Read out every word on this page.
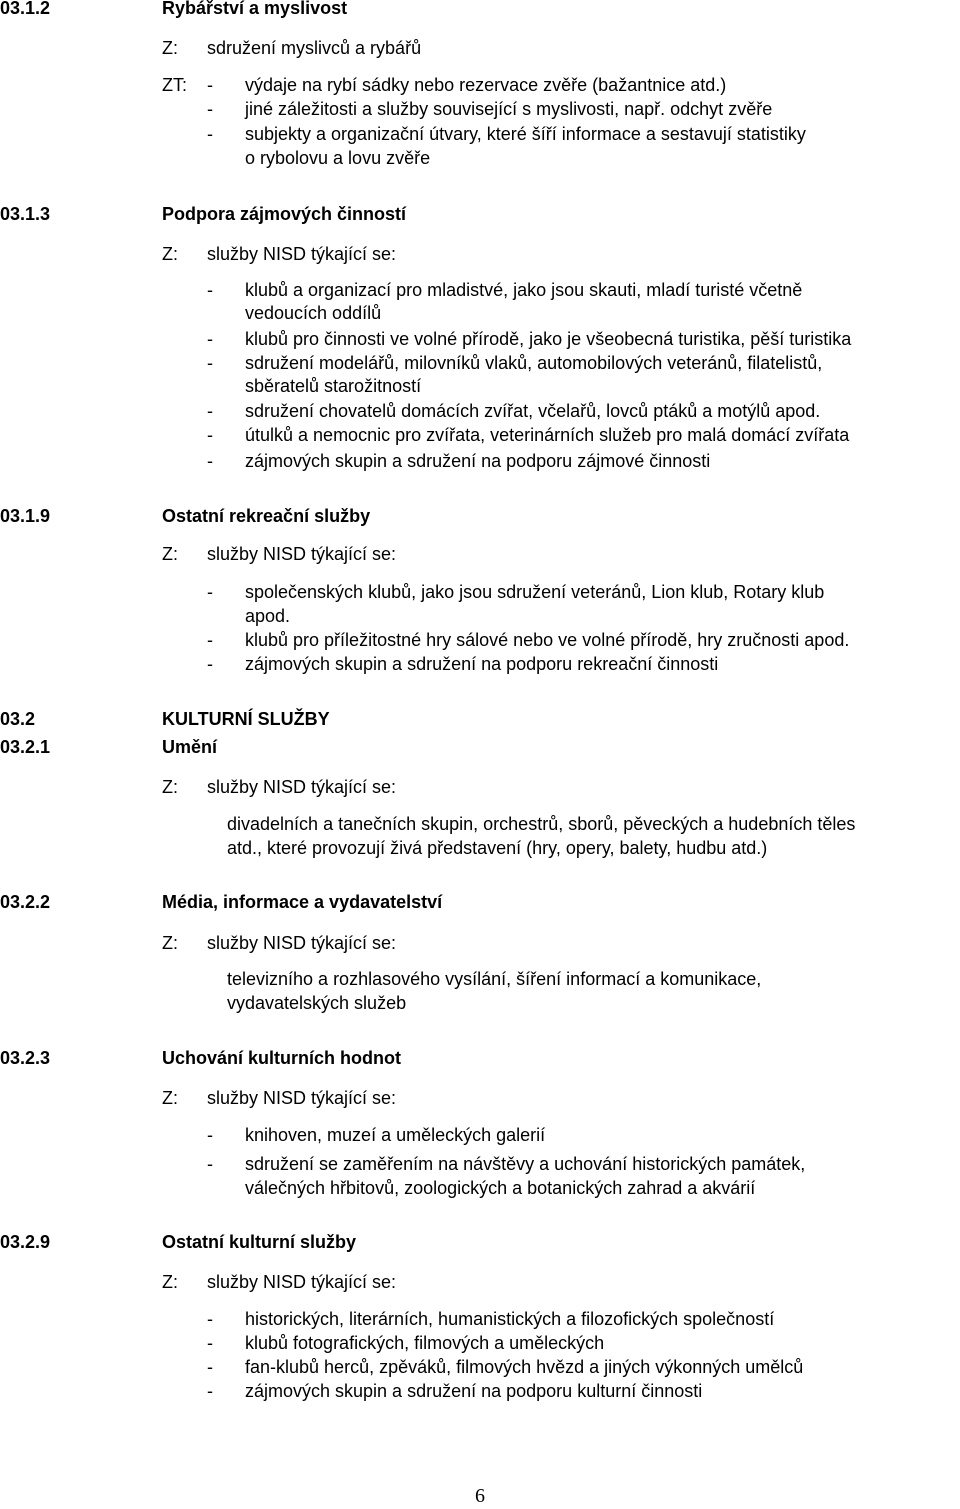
03.1.2	Rybářství a myslivost
Z: sdružení myslivců a rybářů
ZT: - výdaje na rybí sádky nebo rezervace zvěře (bažantnice atd.)
- jiné záležitosti a služby související s myslivosti, např. odchyt zvěře
- subjekty a organizační útvary, které šíří informace a sestavují statistiky
o rybolovu a lovu zvěře
03.1.3	Podpora zájmových činností
Z: služby NISD týkající se:
- klubů a organizací pro mladistvé, jako jsou skauti, mladí turisté včetně
vedoucích oddílů
- klubů pro činnosti ve volné přírodě, jako je všeobecná turistika, pěší turistika
- sdružení modelářů, milovníků vlaků, automobilových veteránů, filatelistů,
sběratelů starožitností
- sdružení chovatelů domácích zvířat, včelařů, lovců ptáků a motýlů apod.
- útulků a nemocnic pro zvířata, veterinárních služeb pro malá domácí zvířata
- zájmových skupin a sdružení na podporu zájmové činnosti
03.1.9	Ostatní rekreační služby
Z: služby NISD týkající se:
- společenských klubů, jako jsou sdružení veteránů, Lion klub, Rotary klub
apod.
- klubů pro příležitostné hry sálové nebo ve volné přírodě, hry zručnosti apod.
- zájmových skupin a sdružení na podporu rekreační činnosti
03.2	KULTURNÍ SLUŽBY
03.2.1	Umění
Z: služby NISD týkající se:
divadelních a tanečních skupin, orchestrů, sborů, pěveckých a hudebních těles
atd., které provozují živá představení (hry, opery, balety, hudbu atd.)
03.2.2	Média, informace a vydavatelství
Z: služby NISD týkající se:
televizního a rozhlasového vysílání, šíření informací a komunikace,
vydavatelských služeb
03.2.3	Uchování kulturních hodnot
Z: služby NISD týkající se:
- knihoven, muzeí a uměleckých galerií
- sdružení se zaměřením na návštěvy a uchování historických památek,
válečných hřbitovů, zoologických a botanických zahrad a akvárií
03.2.9	Ostatní kulturní služby
Z: služby NISD týkající se:
- historických, literárních, humanistických a filozofických společností
- klubů fotografických, filmových a uměleckých
- fan-klubů herců, zpěváků, filmových hvězd a jiných výkonných umělců
- zájmových skupin a sdružení na podporu kulturní činnosti
6
